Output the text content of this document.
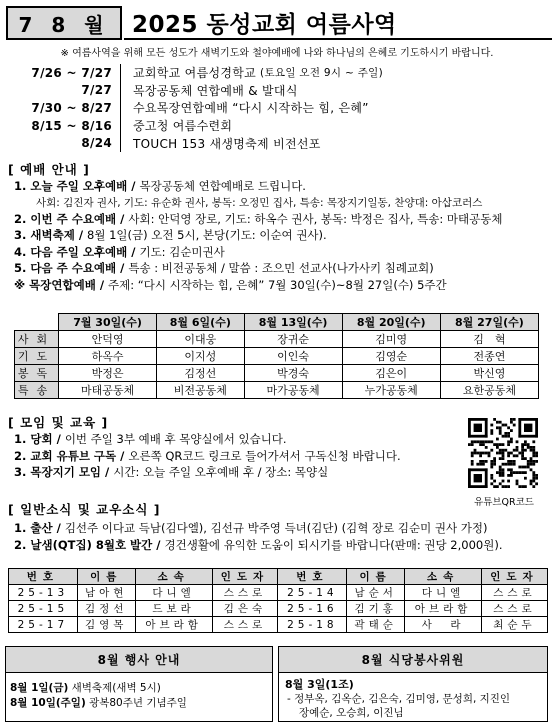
7 8 월 2025 동성교회 여름사역
※ 여름사역을 위해 모든 성도가 새벽기도와 철야예배에 나와 하나님의 은혜로 기도하시기 바랍니다.
7/26 ~ 7/27	교회학교 여름성경학교 (토요일 오전 9시 ~ 주일)
7/27	목장공동체 연합예배 & 발대식
7/30 ~ 8/27	수요목장연합예배 “다시 시작하는 힘, 은혜”
8/15 ~ 8/16	중고청 여름수련회
8/24	TOUCH 153 새생명축제 비전선포
[ 예배 안내 ]
1. 오늘 주일 오후예배 / 목장공동체 연합예배로 드립니다.
사회: 김진자 권사, 기도: 유순화 권사, 봉독: 오정민 집사, 특송: 목장지기일동, 찬양대: 아삽코러스
2. 이번 주 수요예배 / 사회: 안덕영 장로, 기도: 하옥수 권사, 봉독: 박정은 집사, 특송: 마태공동체
3. 새벽축제 / 8월 1일(금) 오전 5시, 본당(기도: 이순여 권사).
4. 다음 주일 오후예배 / 기도: 김순미권사
5. 다음 주 수요예배 / 특송 : 비전공동체 / 말씀 : 조으민 선교사(나가사키 침례교회)
※ 목장연합예배 / 주제: “다시 시작하는 힘, 은혜” 7월 30일(수)~8월 27일(수) 5주간
	7월 30일(수)	8월 6일(수)	8월 13일(수)	8월 20일(수)	8월 27일(수)
사회	안덕영	이대웅	장귀순	김미영	김　혁
기도	하옥수	이지성	이인숙	김영순	전종연
봉독	박정은	김정선	박경숙	김은이	박신영
특송	마태공동체	비전공동체	마가공동체	누가공동체	요한공동체
[ 모임 및 교육 ]
1. 당회 / 이번 주일 3부 예배 후 목양실에서 있습니다.
2. 교회 유튜브 구독 / 오른쪽 QR코드 링크로 들어가셔서 구독신청 바랍니다.
3. 목장지기 모임 / 시간: 오늘 주일 오후예배 후 / 장소: 목양실
유튜브QR코드
[ 일반소식 및 교우소식 ]
1. 출산 / 김선주 이다교 득남(김다엘), 김선규 박주영 득녀(김단) (김혁 장로 김순미 권사 가정)
2. 날샘(QT집) 8월호 발간 / 경건생활에 유익한 도움이 되시기를 바랍니다(판매: 권당 2,000원).
번호	이름	소속	인도자	번호	이름	소속	인도자
25-13	남아현	다니엘	스스로	25-14	남순서	다니엘	스스로
25-15	김정선	드보라	김은숙	25-16	김기홍	아브라함	스스로
25-17	김영목	아브라함	스스로	25-18	곽태순	사　라	최순두
8월 행사 안내
8월 1일(금) 새벽축제(새벽 5시)
8월 10일(주일) 광복80주년 기념주일
8월 식당봉사위원
8월 3일(1조)
- 정부옥, 김옥순, 김은숙, 김미영, 문성희, 지진인
장예순, 오승희, 이진님
